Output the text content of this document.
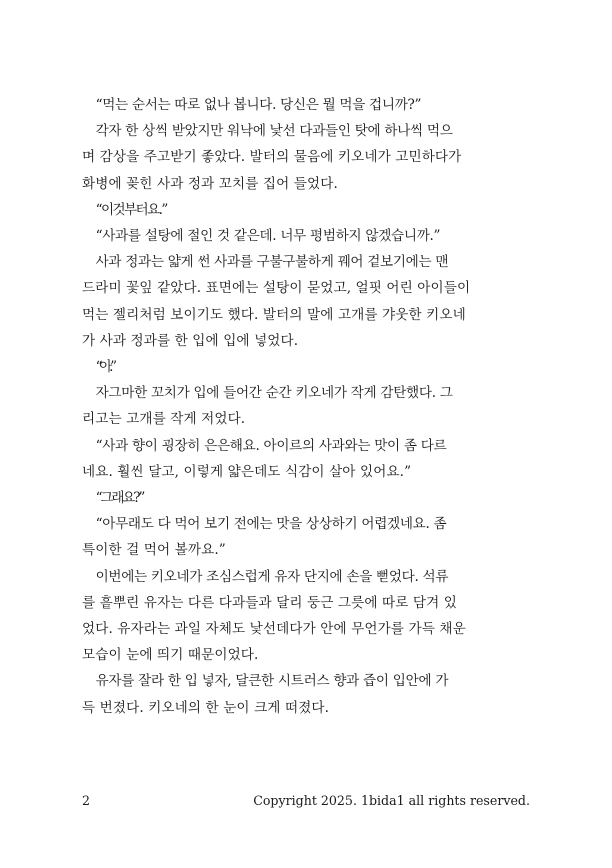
“먹는 순서는 따로 없나 봅니다. 당신은 뭘 먹을 겁니까?”

각자 한 상씩 받았지만 워낙에 낯선 다과들인 탓에 하나씩 먹으
며 감상을 주고받기 좋았다. 발터의 물음에 키오네가 고민하다가
화병에 꽂힌 사과 정과 꼬치를 집어 들었다.

“이것부터요.”

“사과를 설탕에 절인 것 같은데. 너무 평범하지 않겠습니까.”

사과 정과는 얇게 썬 사과를 구불구불하게 꿰어 겉보기에는 맨
드라미 꽃잎 같았다. 표면에는 설탕이 묻었고, 얼핏 어린 아이들이
먹는 젤리처럼 보이기도 했다. 발터의 말에 고개를 갸웃한 키오네
가 사과 정과를 한 입에 입에 넣었다.

“아.”

자그마한 꼬치가 입에 들어간 순간 키오네가 작게 감탄했다. 그
리고는 고개를 작게 저었다.

“사과 향이 굉장히 은은해요. 아이르의 사과와는 맛이 좀 다르
네요. 훨씬 달고, 이렇게 얇은데도 식감이 살아 있어요.”

“그래요?”

“아무래도 다 먹어 보기 전에는 맛을 상상하기 어렵겠네요. 좀
특이한 걸 먹어 볼까요.”

이번에는 키오네가 조심스럽게 유자 단지에 손을 뻗었다. 석류
를 흩뿌린 유자는 다른 다과들과 달리 둥근 그릇에 따로 담겨 있
었다. 유자라는 과일 자체도 낯선데다가 안에 무언가를 가득 채운
모습이 눈에 띄기 때문이었다.

유자를 잘라 한 입 넣자, 달큰한 시트러스 향과 즙이 입안에 가
득 번졌다. 키오네의 한 눈이 크게 떠졌다.

2	Copyright 2025. 1bida1 all rights reserved.
